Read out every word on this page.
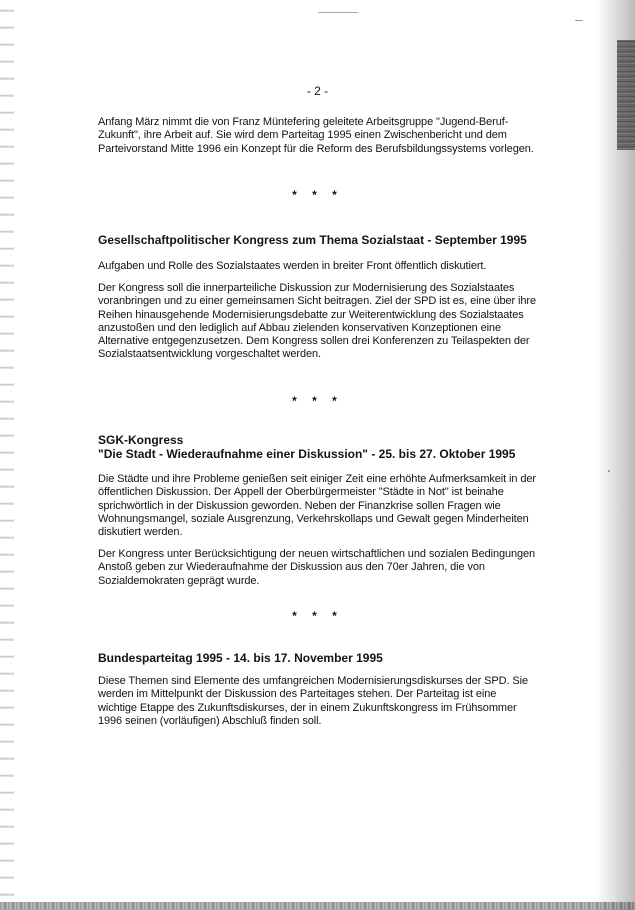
- 2 -

Anfang März nimmt die von Franz Müntefering geleitete Arbeitsgruppe "Jugend-Beruf-Zukunft", ihre Arbeit auf. Sie wird dem Parteitag 1995 einen Zwischenbericht und dem Parteivorstand Mitte 1996 ein Konzept für die Reform des Berufsbildungssystems vorlegen.

* * *

Gesellschaftpolitischer Kongress zum Thema Sozialstaat - September 1995

Aufgaben und Rolle des Sozialstaates werden in breiter Front öffentlich diskutiert.

Der Kongress soll die innerparteiliche Diskussion zur Modernisierung des Sozialstaates voranbringen und zu einer gemeinsamen Sicht beitragen. Ziel der SPD ist es, eine über ihre Reihen hinausgehende Modernisierungsdebatte zur Weiterentwicklung des Sozialstaates anzustoßen und den lediglich auf Abbau zielenden konservativen Konzeptionen eine Alternative entgegenzusetzen. Dem Kongress sollen drei Konferenzen zu Teilaspekten der Sozialstaatsentwicklung vorgeschaltet werden.

* * *

SGK-Kongress

"Die Stadt - Wiederaufnahme einer Diskussion" - 25. bis 27. Oktober 1995

Die Städte und ihre Probleme genießen seit einiger Zeit eine erhöhte Aufmerksamkeit in der öffentlichen Diskussion. Der Appell der Oberbürgermeister "Städte in Not" ist beinahe sprichwörtlich in der Diskussion geworden. Neben der Finanzkrise sollen Fragen wie Wohnungsmangel, soziale Ausgrenzung, Verkehrskollaps und Gewalt gegen Minderheiten diskutiert werden.

Der Kongress unter Berücksichtigung der neuen wirtschaftlichen und sozialen Bedingungen Anstoß geben zur Wiederaufnahme der Diskussion aus den 70er Jahren, die von Sozialdemokraten geprägt wurde.

* * *

Bundesparteitag 1995 - 14. bis 17. November 1995

Diese Themen sind Elemente des umfangreichen Modernisierungsdiskurses der SPD. Sie werden im Mittelpunkt der Diskussion des Parteitages stehen. Der Parteitag ist eine wichtige Etappe des Zukunftsdiskurses, der in einem Zukunftskongress im Frühsommer 1996 seinen (vorläufigen) Abschluß finden soll.
